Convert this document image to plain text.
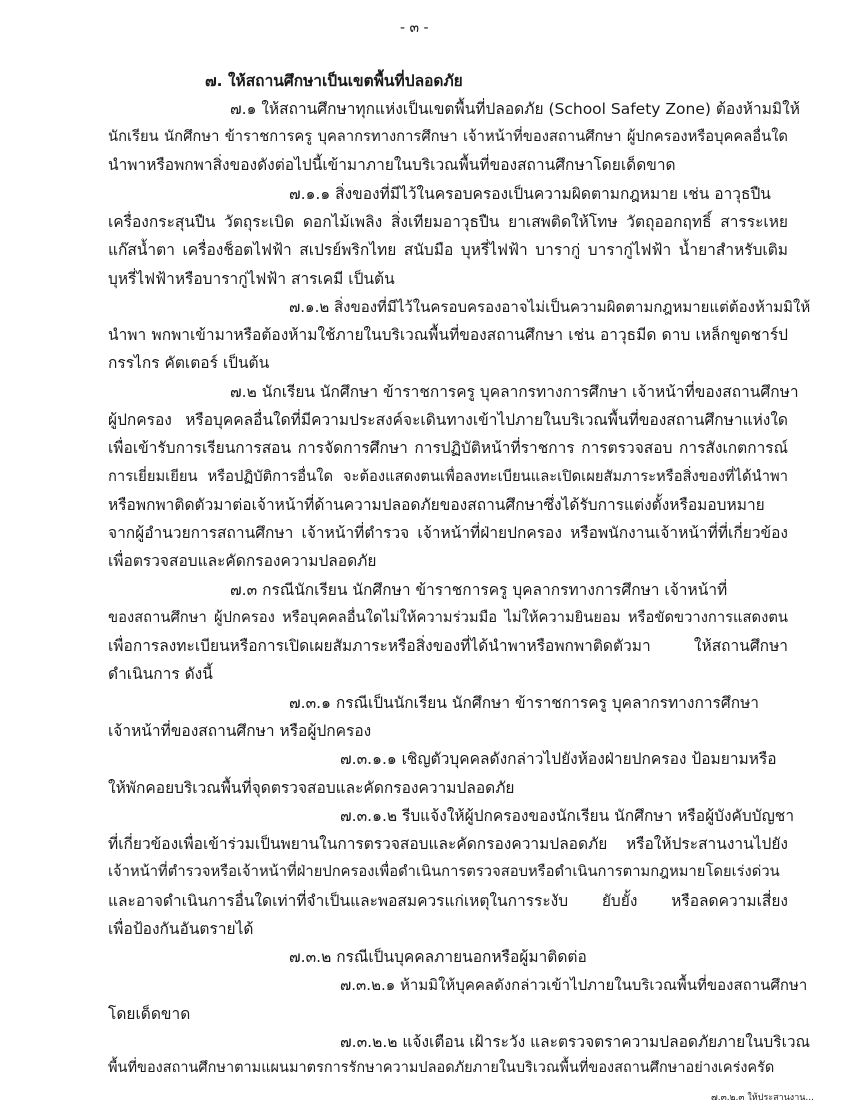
- ๓ -
๗. ให้สถานศึกษาเป็นเขตพื้นที่ปลอดภัย
๗.๑ ให้สถานศึกษาทุกแห่งเป็นเขตพื้นที่ปลอดภัย (School Safety Zone) ต้องห้ามมิให้
นักเรียน นักศึกษา ข้าราชการครู บุคลากรทางการศึกษา เจ้าหน้าที่ของสถานศึกษา ผู้ปกครองหรือบุคคลอื่นใด
นำพาหรือพกพาสิ่งของดังต่อไปนี้เข้ามาภายในบริเวณพื้นที่ของสถานศึกษาโดยเด็ดขาด
๗.๑.๑ สิ่งของที่มีไว้ในครอบครองเป็นความผิดตามกฎหมาย เช่น อาวุธปืน
เครื่องกระสุนปืน วัตถุระเบิด ดอกไม้เพลิง สิ่งเทียมอาวุธปืน ยาเสพติดให้โทษ วัตถุออกฤทธิ์ สารระเหย
แก๊สน้ำตา เครื่องช็อตไฟฟ้า สเปรย์พริกไทย สนับมือ บุหรี่ไฟฟ้า บารากู่ บารากู่ไฟฟ้า น้ำยาสำหรับเติม
บุหรี่ไฟฟ้าหรือบารากู่ไฟฟ้า สารเคมี เป็นต้น
๗.๑.๒ สิ่งของที่มีไว้ในครอบครองอาจไม่เป็นความผิดตามกฎหมายแต่ต้องห้ามมิให้
นำพา พกพาเข้ามาหรือต้องห้ามใช้ภายในบริเวณพื้นที่ของสถานศึกษา เช่น อาวุธมีด ดาบ เหล็กขูดชาร์ป
กรรไกร คัตเตอร์ เป็นต้น
๗.๒ นักเรียน นักศึกษา ข้าราชการครู บุคลากรทางการศึกษา เจ้าหน้าที่ของสถานศึกษา
ผู้ปกครอง หรือบุคคลอื่นใดที่มีความประสงค์จะเดินทางเข้าไปภายในบริเวณพื้นที่ของสถานศึกษาแห่งใด
เพื่อเข้ารับการเรียนการสอน การจัดการศึกษา การปฏิบัติหน้าที่ราชการ การตรวจสอบ การสังเกตการณ์
การเยี่ยมเยียน หรือปฏิบัติการอื่นใด จะต้องแสดงตนเพื่อลงทะเบียนและเปิดเผยสัมภาระหรือสิ่งของที่ได้นำพา
หรือพกพาติดตัวมาต่อเจ้าหน้าที่ด้านความปลอดภัยของสถานศึกษาซึ่งได้รับการแต่งตั้งหรือมอบหมาย
จากผู้อำนวยการสถานศึกษา เจ้าหน้าที่ตำรวจ เจ้าหน้าที่ฝ่ายปกครอง หรือพนักงานเจ้าหน้าที่ที่เกี่ยวข้อง
เพื่อตรวจสอบและคัดกรองความปลอดภัย
๗.๓ กรณีนักเรียน นักศึกษา ข้าราชการครู บุคลากรทางการศึกษา เจ้าหน้าที่
ของสถานศึกษา ผู้ปกครอง หรือบุคคลอื่นใดไม่ให้ความร่วมมือ ไม่ให้ความยินยอม หรือขัดขวางการแสดงตน
เพื่อการลงทะเบียนหรือการเปิดเผยสัมภาระหรือสิ่งของที่ได้นำพาหรือพกพาติดตัวมา ให้สถานศึกษา
ดำเนินการ ดังนี้
๗.๓.๑ กรณีเป็นนักเรียน นักศึกษา ข้าราชการครู บุคลากรทางการศึกษา
เจ้าหน้าที่ของสถานศึกษา หรือผู้ปกครอง
๗.๓.๑.๑ เชิญตัวบุคคลดังกล่าวไปยังห้องฝ่ายปกครอง ป้อมยามหรือ
ให้พักคอยบริเวณพื้นที่จุดตรวจสอบและคัดกรองความปลอดภัย
๗.๓.๑.๒ รีบแจ้งให้ผู้ปกครองของนักเรียน นักศึกษา หรือผู้บังคับบัญชา
ที่เกี่ยวข้องเพื่อเข้าร่วมเป็นพยานในการตรวจสอบและคัดกรองความปลอดภัย หรือให้ประสานงานไปยัง
เจ้าหน้าที่ตำรวจหรือเจ้าหน้าที่ฝ่ายปกครองเพื่อดำเนินการตรวจสอบหรือดำเนินการตามกฎหมายโดยเร่งด่วน
และอาจดำเนินการอื่นใดเท่าที่จำเป็นและพอสมควรแก่เหตุในการระงับ ยับยั้ง หรือลดความเสี่ยง
เพื่อป้องกันอันตรายได้
๗.๓.๒ กรณีเป็นบุคคลภายนอกหรือผู้มาติดต่อ
๗.๓.๒.๑ ห้ามมิให้บุคคลดังกล่าวเข้าไปภายในบริเวณพื้นที่ของสถานศึกษา
โดยเด็ดขาด
๗.๓.๒.๒ แจ้งเตือน เฝ้าระวัง และตรวจตราความปลอดภัยภายในบริเวณ
พื้นที่ของสถานศึกษาตามแผนมาตรการรักษาความปลอดภัยภายในบริเวณพื้นที่ของสถานศึกษาอย่างเคร่งครัด
๗.๓.๒.๓ ให้ประสานงาน...
